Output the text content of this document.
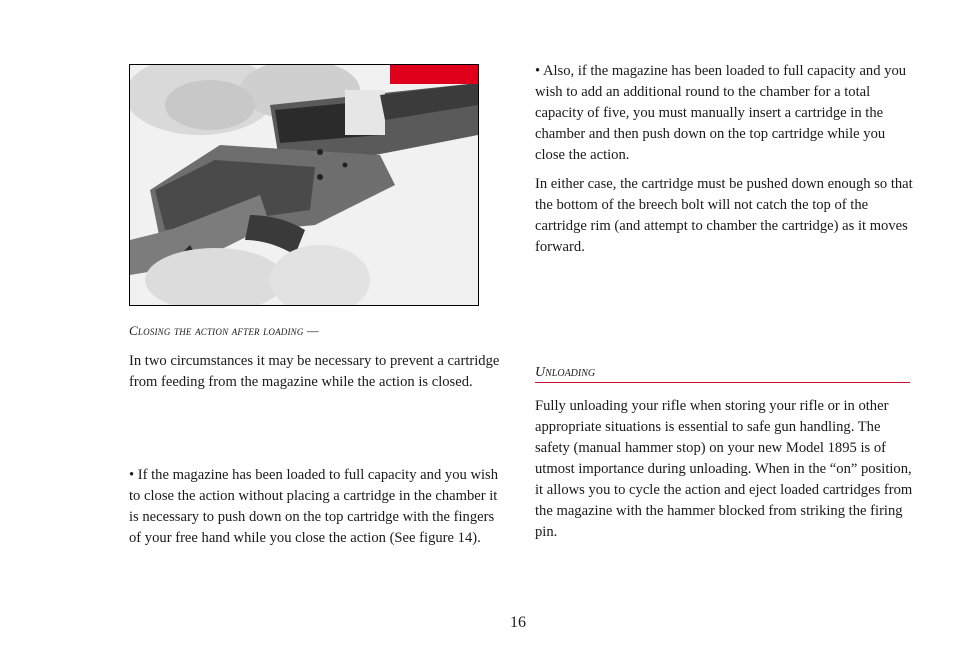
Closing the action after loading —

In two circumstances it may be necessary to prevent a cartridge from feeding from the magazine while the action is closed.

• If the magazine has been loaded to full capacity and you wish to close the action without placing a cartridge in the chamber it is necessary to push down on the top cartridge with the fingers of your free hand while you close the action (See figure 14).

• Also, if the magazine has been loaded to full capacity and you wish to add an additional round to the chamber for a total capacity of five, you must manually insert a cartridge in the chamber and then push down on the top cartridge while you close the action.

In either case, the cartridge must be pushed down enough so that the bottom of the breech bolt will not catch the top of the cartridge rim (and attempt to chamber the cartridge) as it moves forward.

Unloading

Fully unloading your rifle when storing your rifle or in other appropriate situations is essential to safe gun handling. The safety (manual hammer stop) on your new Model 1895 is of utmost importance during unloading. When in the “on” position, it allows you to cycle the action and eject loaded cartridges from the magazine with the hammer blocked from striking the firing pin.

16
